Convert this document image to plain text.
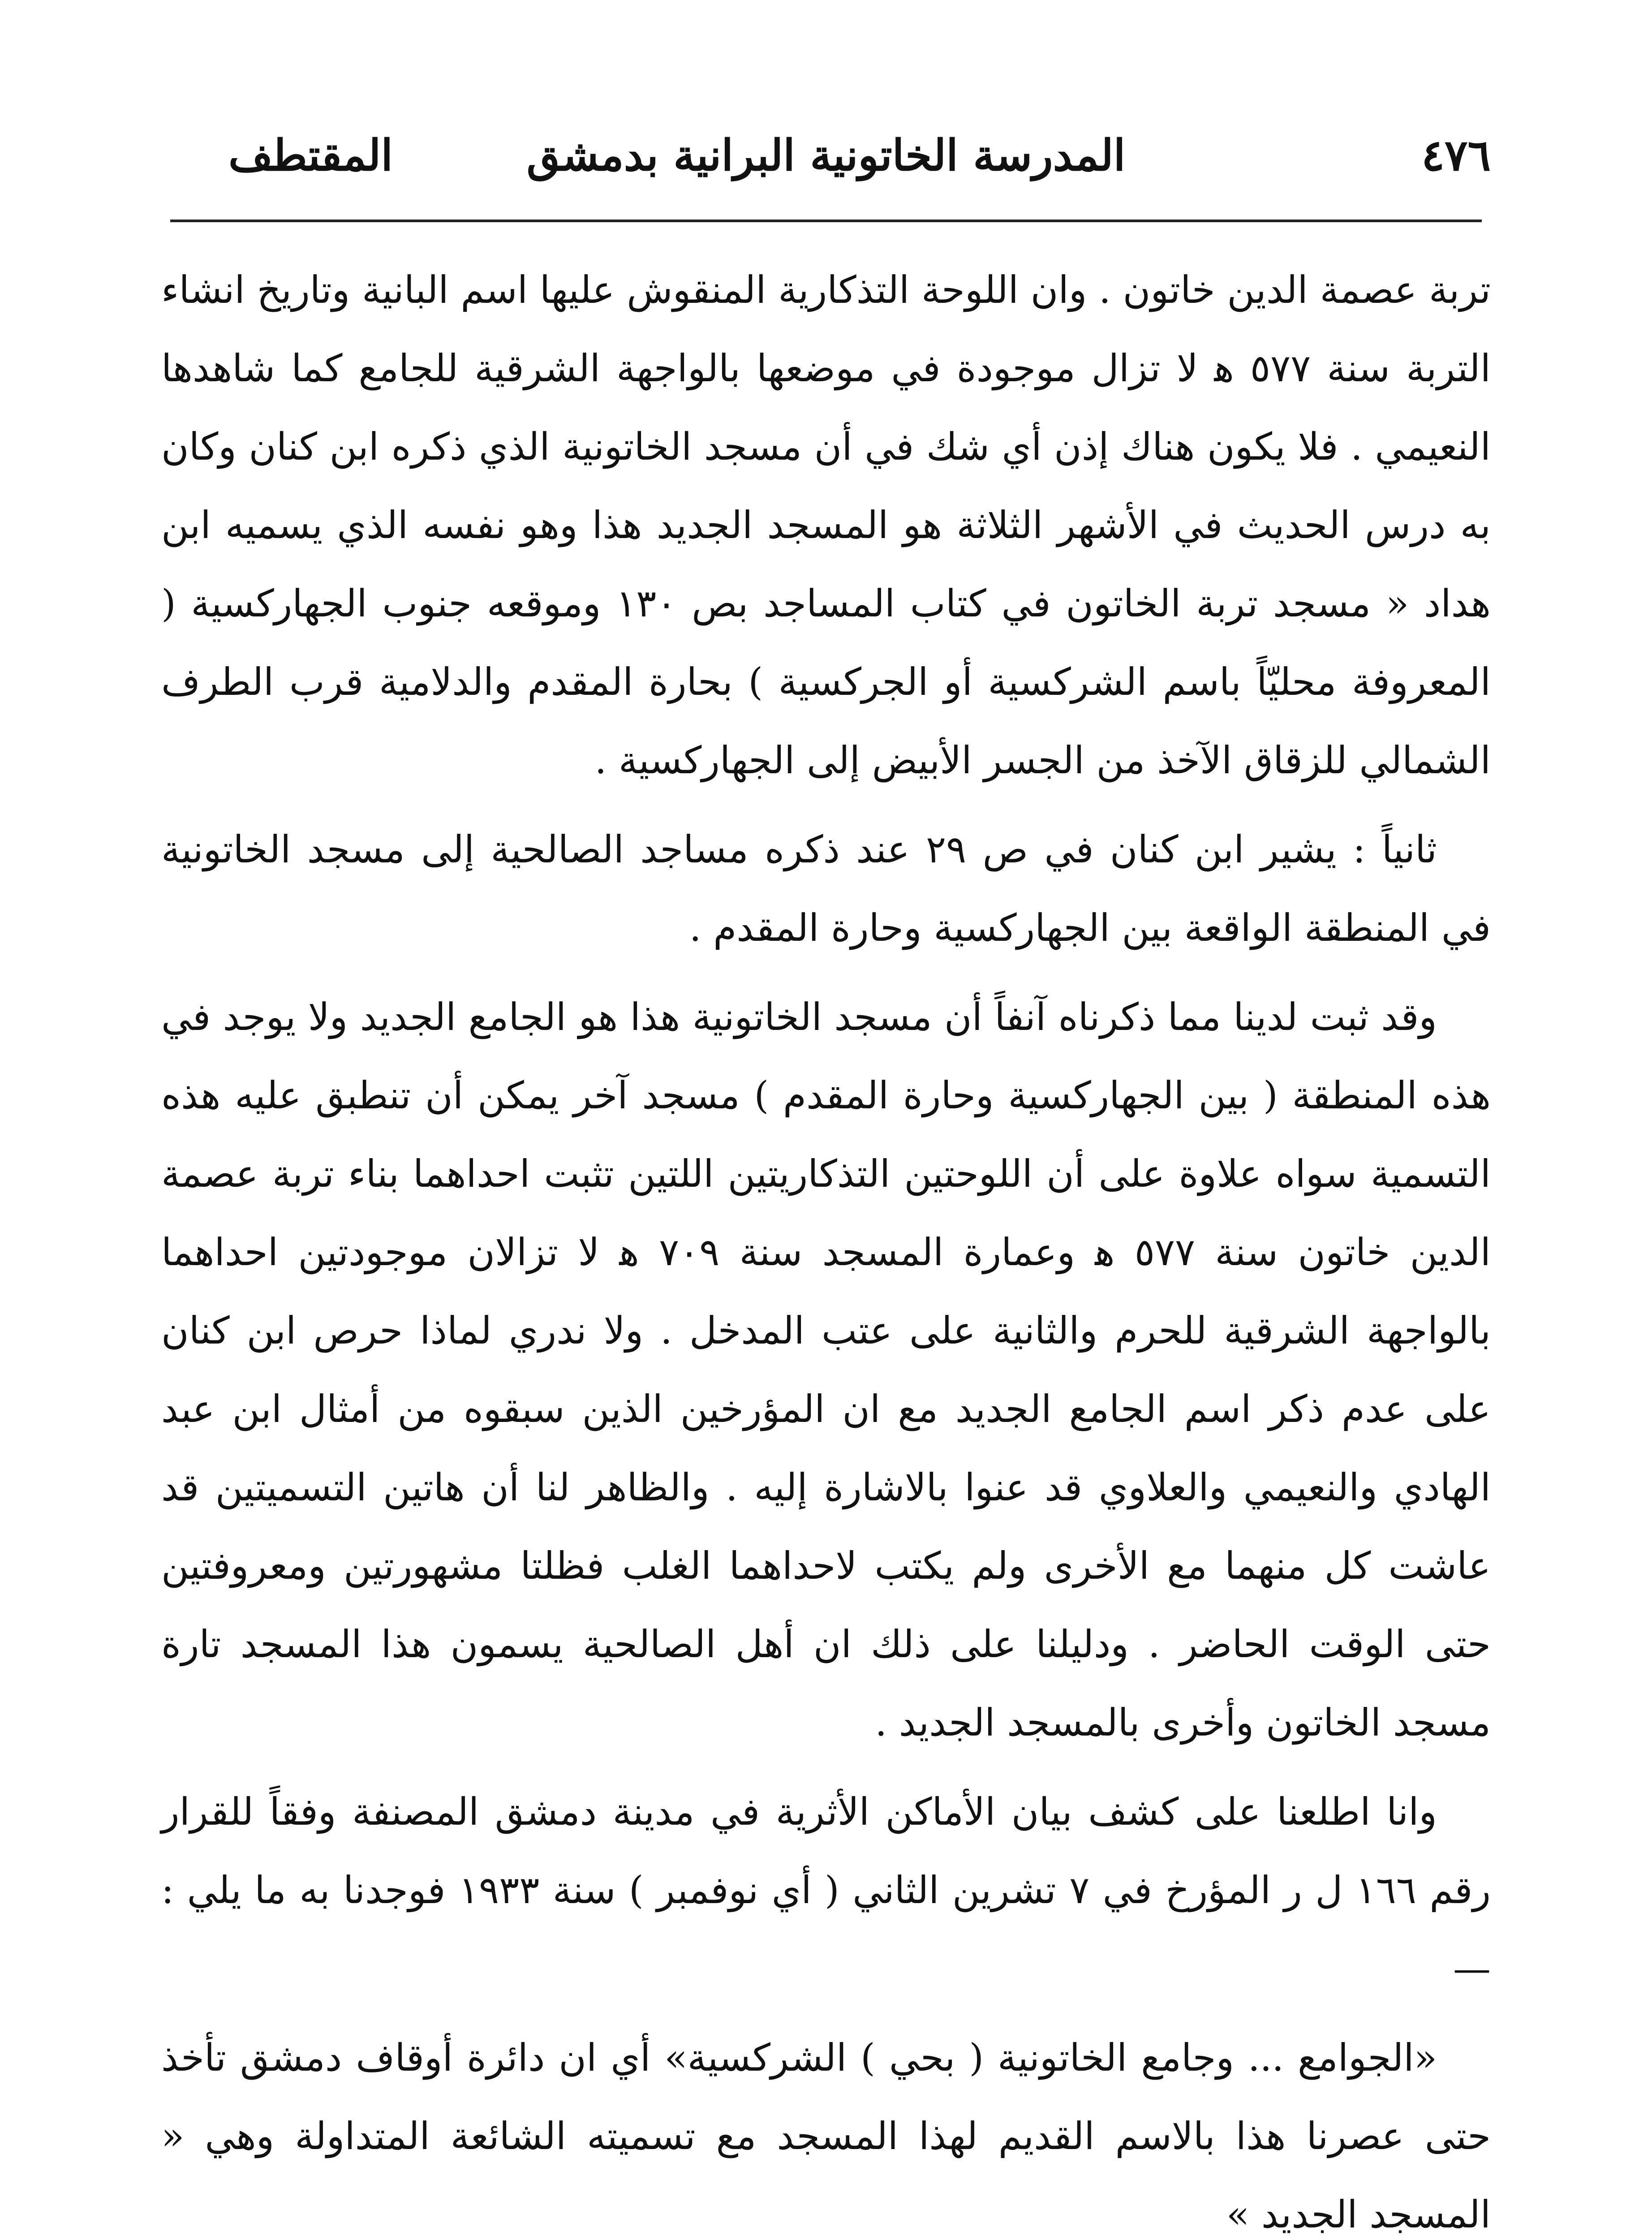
٤٧٦
المدرسة الخاتونية البرانية بدمشق
المقتطف

تربة عصمة الدين خاتون . وان اللوحة التذكارية المنقوش عليها اسم البانية وتاريخ انشاء التربة سنة ٥٧٧ ﻫ لا تزال موجودة في موضعها بالواجهة الشرقية للجامع كما شاهدها النعيمي . فلا يكون هناك إذن أي شك في أن مسجد الخاتونية الذي ذكره ابن كنان وكان به درس الحديث في الأشهر الثلاثة هو المسجد الجديد هذا وهو نفسه الذي يسميه ابن هداد « مسجد تربة الخاتون في كتاب المساجد بص ١٣٠ وموقعه جنوب الجهاركسية ( المعروفة محليّاً باسم الشركسية أو الجركسية ) بحارة المقدم والدلامية قرب الطرف الشمالي للزقاق الآخذ من الجسر الأبيض إلى الجهاركسية .

ثانياً : يشير ابن كنان في ص ٢٩ عند ذكره مساجد الصالحية إلى مسجد الخاتونية في المنطقة الواقعة بين الجهاركسية وحارة المقدم .

وقد ثبت لدينا مما ذكرناه آنفاً أن مسجد الخاتونية هذا هو الجامع الجديد ولا يوجد في هذه المنطقة ( بين الجهاركسية وحارة المقدم ) مسجد آخر يمكن أن تنطبق عليه هذه التسمية سواه علاوة على أن اللوحتين التذكاريتين اللتين تثبت احداهما بناء تربة عصمة الدين خاتون سنة ٥٧٧ ﻫ وعمارة المسجد سنة ٧٠٩ ﻫ لا تزالان موجودتين احداهما بالواجهة الشرقية للحرم والثانية على عتب المدخل . ولا ندري لماذا حرص ابن كنان على عدم ذكر اسم الجامع الجديد مع ان المؤرخين الذين سبقوه من أمثال ابن عبد الهادي والنعيمي والعلاوي قد عنوا بالاشارة إليه . والظاهر لنا أن هاتين التسميتين قد عاشت كل منهما مع الأخرى ولم يكتب لاحداهما الغلب فظلتا مشهورتين ومعروفتين حتى الوقت الحاضر . ودليلنا على ذلك ان أهل الصالحية يسمون هذا المسجد تارة مسجد الخاتون وأخرى بالمسجد الجديد .

وانا اطلعنا على كشف بيان الأماكن الأثرية في مدينة دمشق المصنفة وفقاً للقرار رقم ١٦٦ ل ر المؤرخ في ٧ تشرين الثاني ( أي نوفمبر ) سنة ١٩٣٣ فوجدنا به ما يلي :—

«الجوامع ... وجامع الخاتونية ( بحي ) الشركسية» أي ان دائرة أوقاف دمشق تأخذ حتى عصرنا هذا بالاسم القديم لهذا المسجد مع تسميته الشائعة المتداولة وهي « المسجد الجديد »
